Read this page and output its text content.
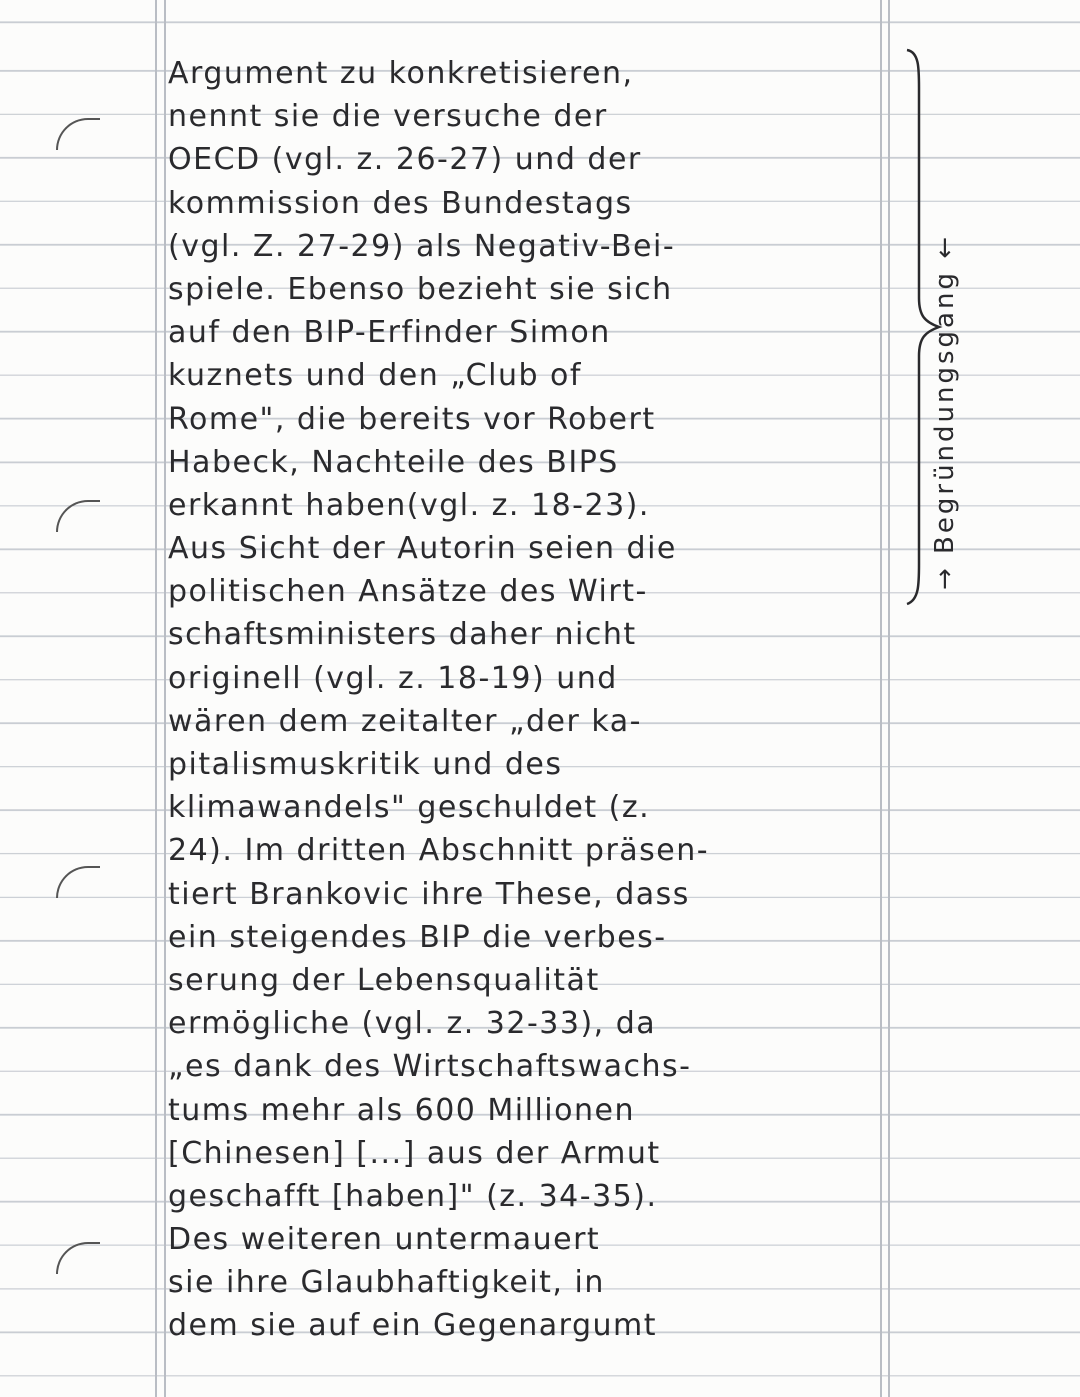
Argument zu konkretisieren,
nennt sie die versuche der
OECD (vgl. z. 26-27) und der
kommission des Bundestags
(vgl. Z. 27-29) als Negativ-Bei-
spiele. Ebenso bezieht sie sich
auf den BIP-Erfinder Simon
kuznets und den „Club of
Rome", die bereits vor Robert
Habeck, Nachteile des BIPS
erkannt haben(vgl. z. 18-23).
Aus Sicht der Autorin seien die
politischen Ansätze des Wirt-
schaftsministers daher nicht
originell (vgl. z. 18-19) und
wären dem zeitalter „der ka-
pitalismuskritik und des
klimawandels" geschuldet (z.
24). Im dritten Abschnitt präsen-
tiert Brankovic ihre These, dass
ein steigendes BIP die verbes-
serung der Lebensqualität
ermögliche (vgl. z. 32-33), da
„es dank des Wirtschaftswachs-
tums mehr als 600 Millionen
[Chinesen] [...] aus der Armut
geschafft [haben]" (z. 34-35).
Des weiteren untermauert
sie ihre Glaubhaftigkeit, in
dem sie auf ein Gegenargumt
→ Begründungsgang ←
